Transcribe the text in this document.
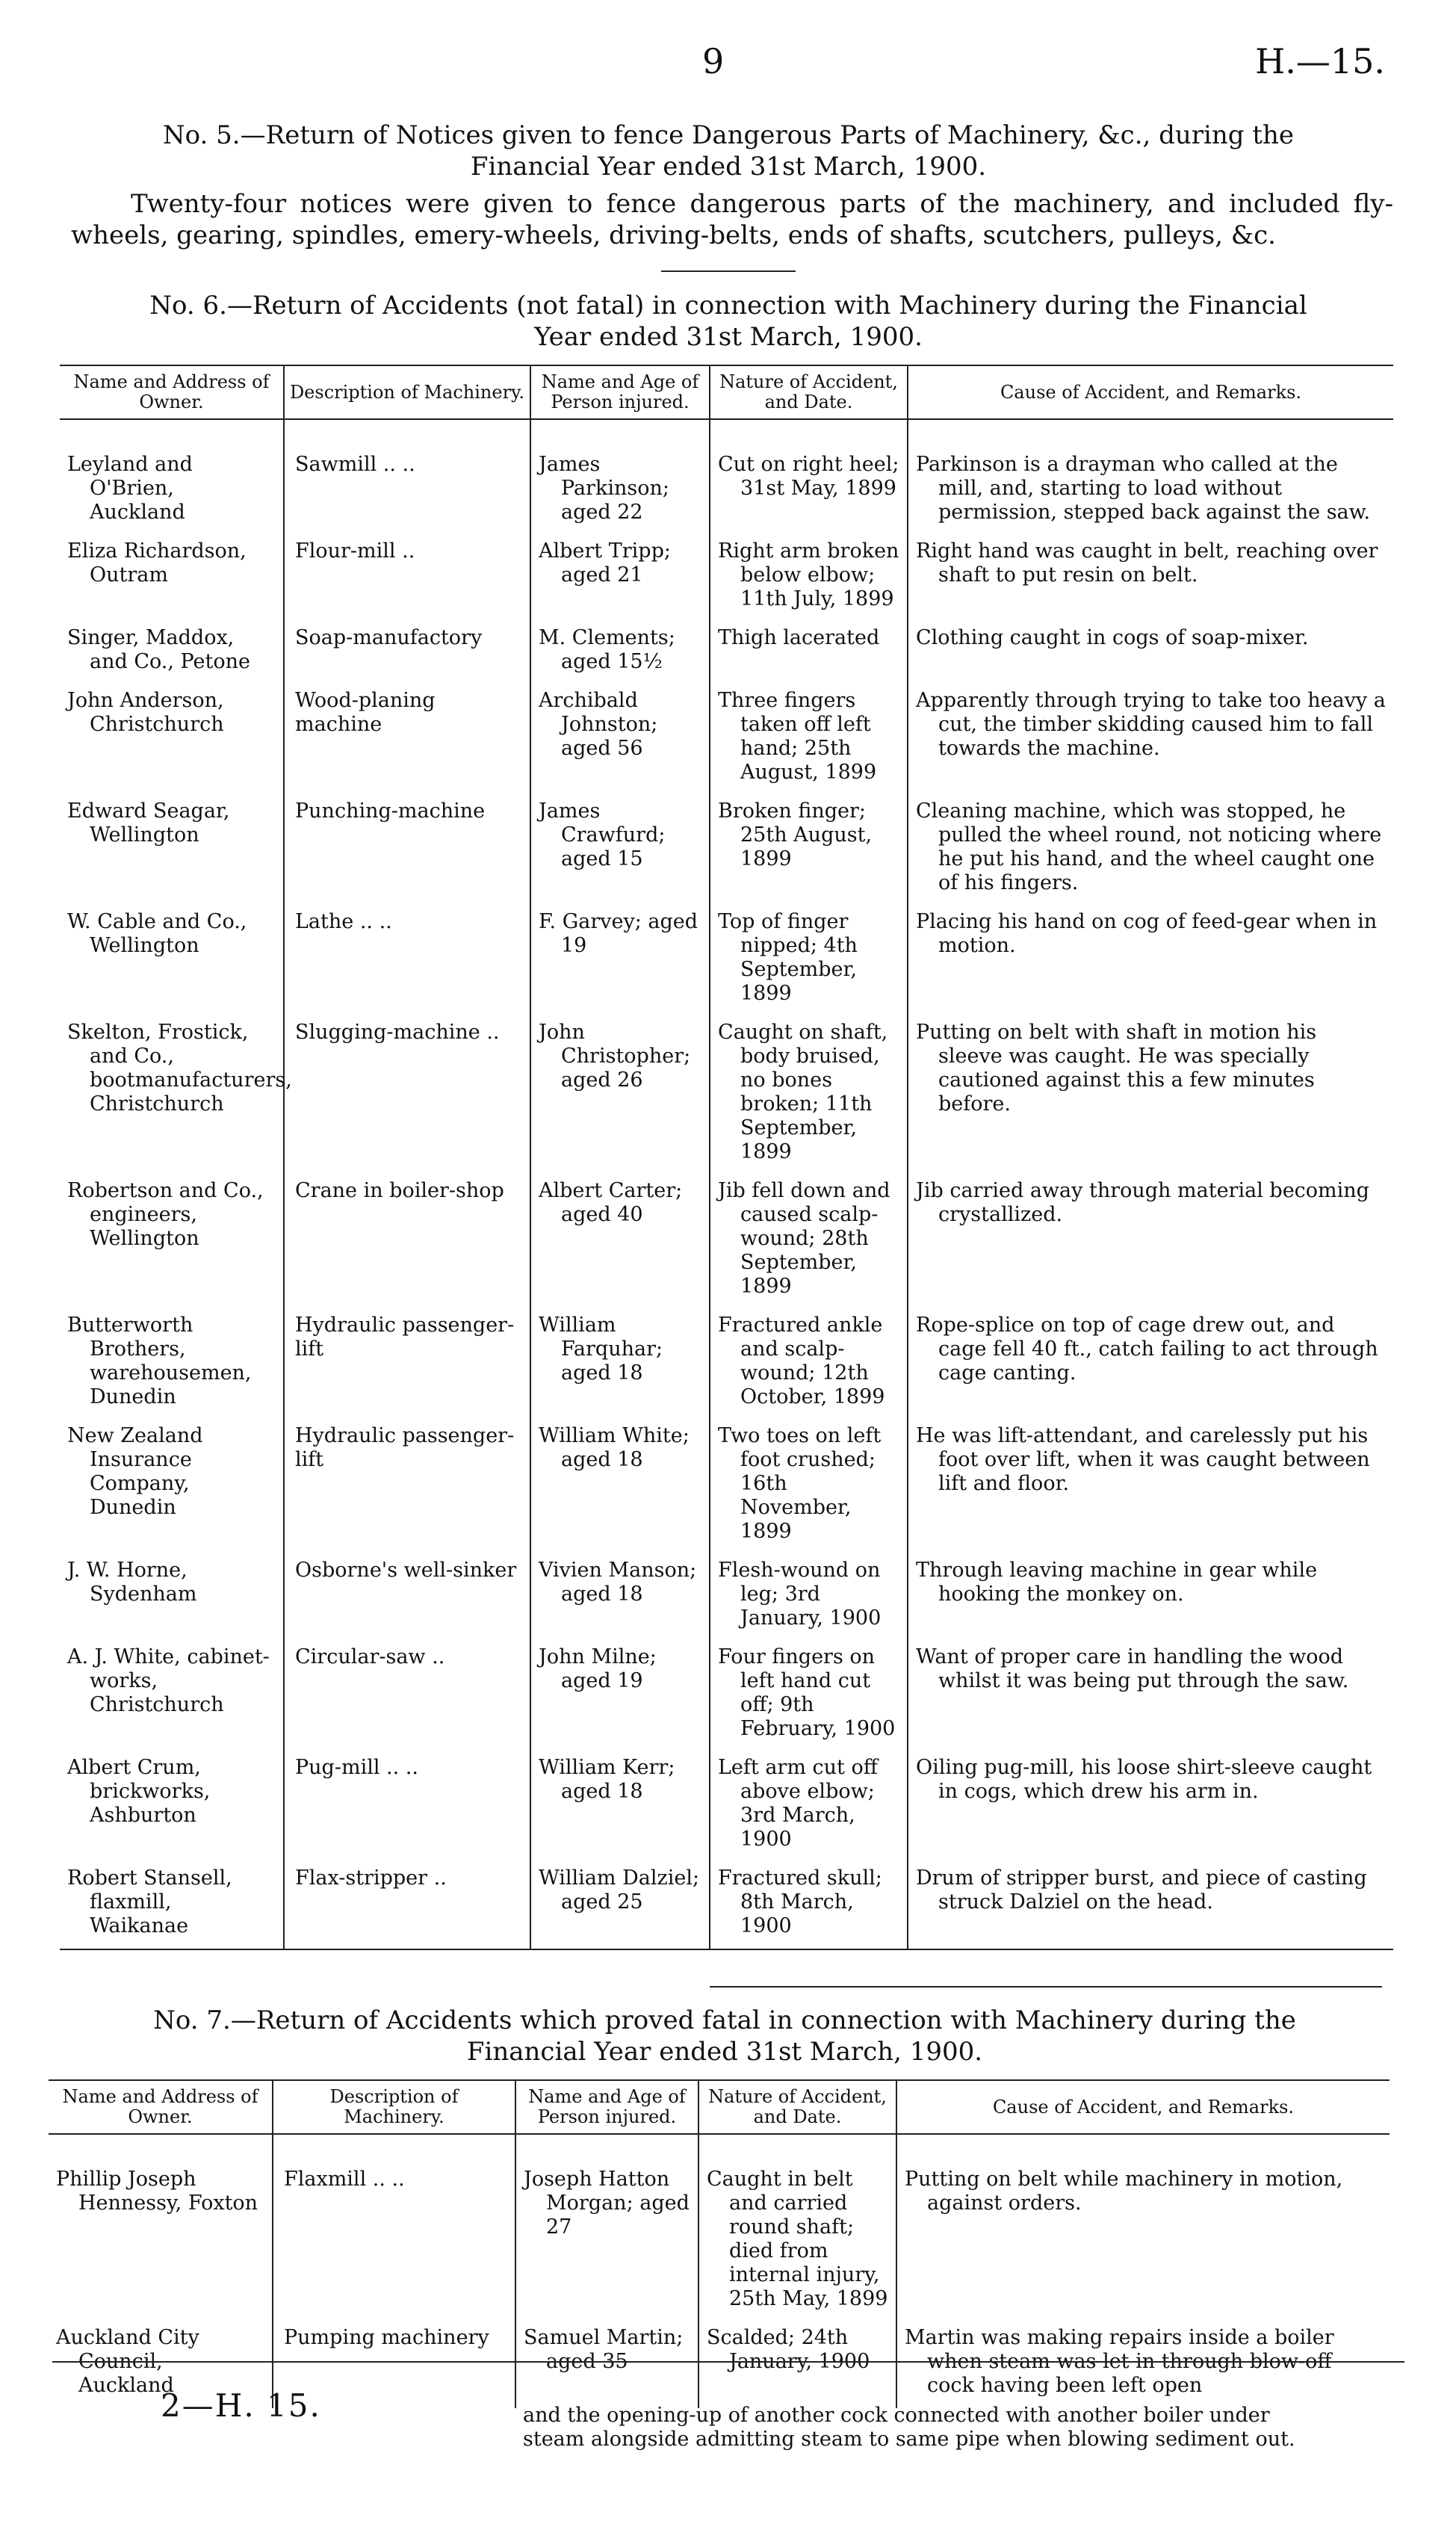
9	H.—15.
No. 5.—Return of Notices given to fence Dangerous Parts of Machinery, &c., during the
Financial Year ended 31st March, 1900.
Twenty-four notices were given to fence dangerous parts of the machinery, and included fly-wheels, gearing, spindles, emery-wheels, driving-belts, ends of shafts, scutchers, pulleys, &c.
No. 6.—Return of Accidents (not fatal) in connection with Machinery during the Financial
Year ended 31st March, 1900.
Name and Address of Owner.	Description of Machinery.	Name and Age of Person injured.	Nature of Accident, and Date.	Cause of Accident, and Remarks.
Leyland and O'Brien, Auckland	Sawmill .. ..	James Parkinson; aged 22	Cut on right heel; 31st May, 1899	Parkinson is a drayman who called at the mill, and, starting to load without permission, stepped back against the saw.
Eliza Richardson, Outram	Flour-mill ..	Albert Tripp; aged 21	Right arm broken below elbow; 11th July, 1899	Right hand was caught in belt, reaching over shaft to put resin on belt.
Singer, Maddox, and Co., Petone	Soap-manufactory	M. Clements; aged 15½	Thigh lacerated	Clothing caught in cogs of soap-mixer.
John Anderson, Christchurch	Wood-planing machine	Archibald Johnston; aged 56	Three fingers taken off left hand; 25th August, 1899	Apparently through trying to take too heavy a cut, the timber skidding caused him to fall towards the machine.
Edward Seagar, Wellington	Punching-machine	James Crawfurd; aged 15	Broken finger; 25th August, 1899	Cleaning machine, which was stopped, he pulled the wheel round, not noticing where he put his hand, and the wheel caught one of his fingers.
W. Cable and Co., Wellington	Lathe .. ..	F. Garvey; aged 19	Top of finger nipped; 4th September, 1899	Placing his hand on cog of feed-gear when in motion.
Skelton, Frostick, and Co., bootmanufacturers, Christchurch	Slugging-machine ..	John Christopher; aged 26	Caught on shaft, body bruised, no bones broken; 11th September, 1899	Putting on belt with shaft in motion his sleeve was caught. He was specially cautioned against this a few minutes before.
Robertson and Co., engineers, Wellington	Crane in boiler-shop	Albert Carter; aged 40	Jib fell down and caused scalp-wound; 28th September, 1899	Jib carried away through material becoming crystallized.
Butterworth Brothers, warehousemen, Dunedin	Hydraulic passenger-lift	William Farquhar; aged 18	Fractured ankle and scalp-wound; 12th October, 1899	Rope-splice on top of cage drew out, and cage fell 40 ft., catch failing to act through cage canting.
New Zealand Insurance Company, Dunedin	Hydraulic passenger-lift	William White; aged 18	Two toes on left foot crushed; 16th November, 1899	He was lift-attendant, and carelessly put his foot over lift, when it was caught between lift and floor.
J. W. Horne, Sydenham	Osborne's well-sinker	Vivien Manson; aged 18	Flesh-wound on leg; 3rd January, 1900	Through leaving machine in gear while hooking the monkey on.
A. J. White, cabinet-works, Christchurch	Circular-saw ..	John Milne; aged 19	Four fingers on left hand cut off; 9th February, 1900	Want of proper care in handling the wood whilst it was being put through the saw.
Albert Crum, brickworks, Ashburton	Pug-mill .. ..	William Kerr; aged 18	Left arm cut off above elbow; 3rd March, 1900	Oiling pug-mill, his loose shirt-sleeve caught in cogs, which drew his arm in.
Robert Stansell, flaxmill, Waikanae	Flax-stripper ..	William Dalziel; aged 25	Fractured skull; 8th March, 1900	Drum of stripper burst, and piece of casting struck Dalziel on the head.
No. 7.—Return of Accidents which proved fatal in connection with Machinery during the
Financial Year ended 31st March, 1900.
Name and Address of Owner.	Description of Machinery.	Name and Age of Person injured.	Nature of Accident, and Date.	Cause of Accident, and Remarks.
Phillip Joseph Hennessy, Foxton	Flaxmill .. ..	Joseph Hatton Morgan; aged 27	Caught in belt and carried round shaft; died from internal injury, 25th May, 1899	Putting on belt while machinery in motion, against orders.
Auckland City Council, Auckland	Pumping machinery	Samuel Martin; aged 35	Scalded; 24th January, 1900	Martin was making repairs inside a boiler when steam was let in through blow-off cock having been left open
and the opening-up of another cock connected with another boiler under
steam alongside admitting steam to same pipe when blowing sediment out.
2—H. 15.
